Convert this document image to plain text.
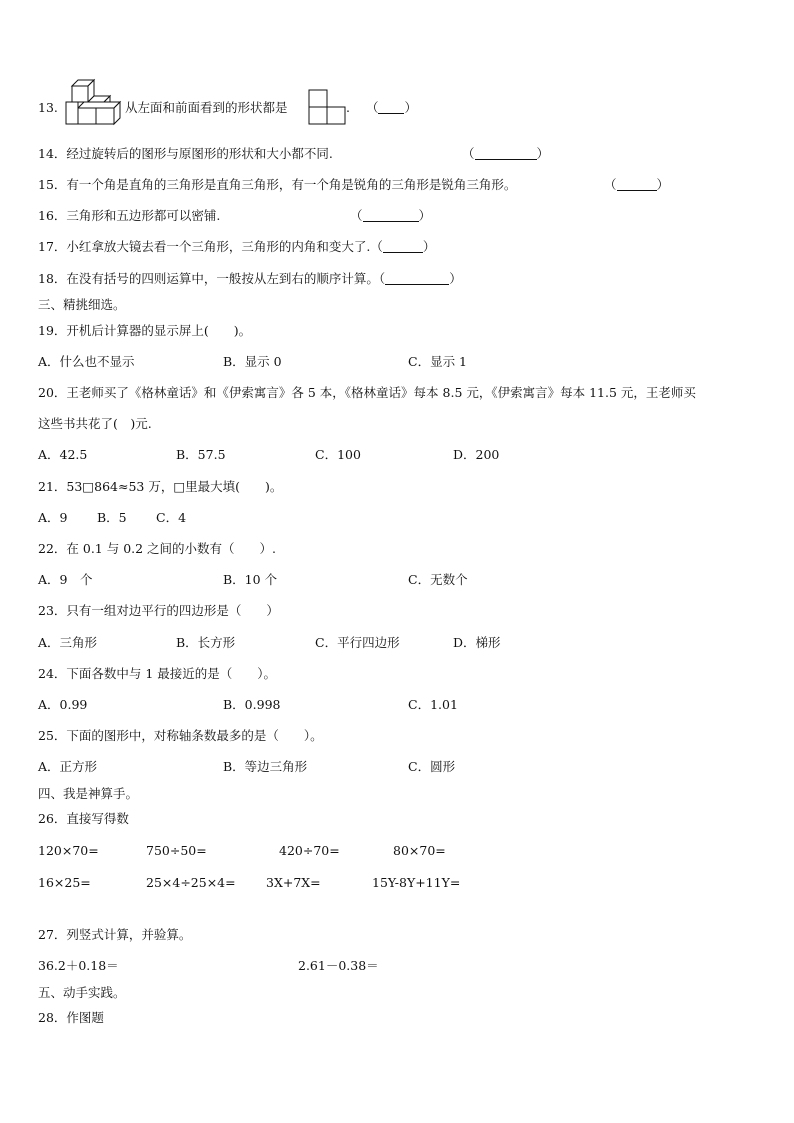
13.	从左面和前面看到的形状都是	. （ ）
14．经过旋转后的图形与原图形的形状和大小都不同.	（	）
15．有一个角是直角的三角形是直角三角形，有一个角是锐角的三角形是锐角三角形。	（	）
16．三角形和五边形都可以密铺.	（	）
17．小红拿放大镜去看一个三角形，三角形的内角和变大了.（	）
18．在没有括号的四则运算中，一般按从左到右的顺序计算。（	）
三、精挑细选。
19．开机后计算器的显示屏上(　　)。
A．什么也不显示	B．显示 0	C．显示 1
20．王老师买了《格林童话》和《伊索寓言》各 5 本，《格林童话》每本 8.5 元，《伊索寓言》每本 11.5 元，王老师买
这些书共花了(　)元.
A．42.5	B．57.5	C．100	D．200
21．53□864≈53 万，□里最大填(　　)。
A．9 B．5 C．4
22．在 0.1 与 0.2 之间的小数有（　　）.
A．9　个	B．10 个	C．无数个
23．只有一组对边平行的四边形是（　　）
A．三角形	B．长方形	C．平行四边形	D．梯形
24．下面各数中与 1 最接近的是（　　）。
A．0.99	B．0.998	C．1.01
25．下面的图形中，对称轴条数最多的是（　　）。
A．正方形	B．等边三角形	C．圆形
四、我是神算手。
26．直接写得数
120×70=	750÷50=	420÷70=	80×70=
16×25=	25×4÷25×4= 3X+7X=	15Y-8Y+11Y=
27．列竖式计算，并验算。
36.2＋0.18＝	2.61－0.38＝
五、动手实践。
28．作图题
